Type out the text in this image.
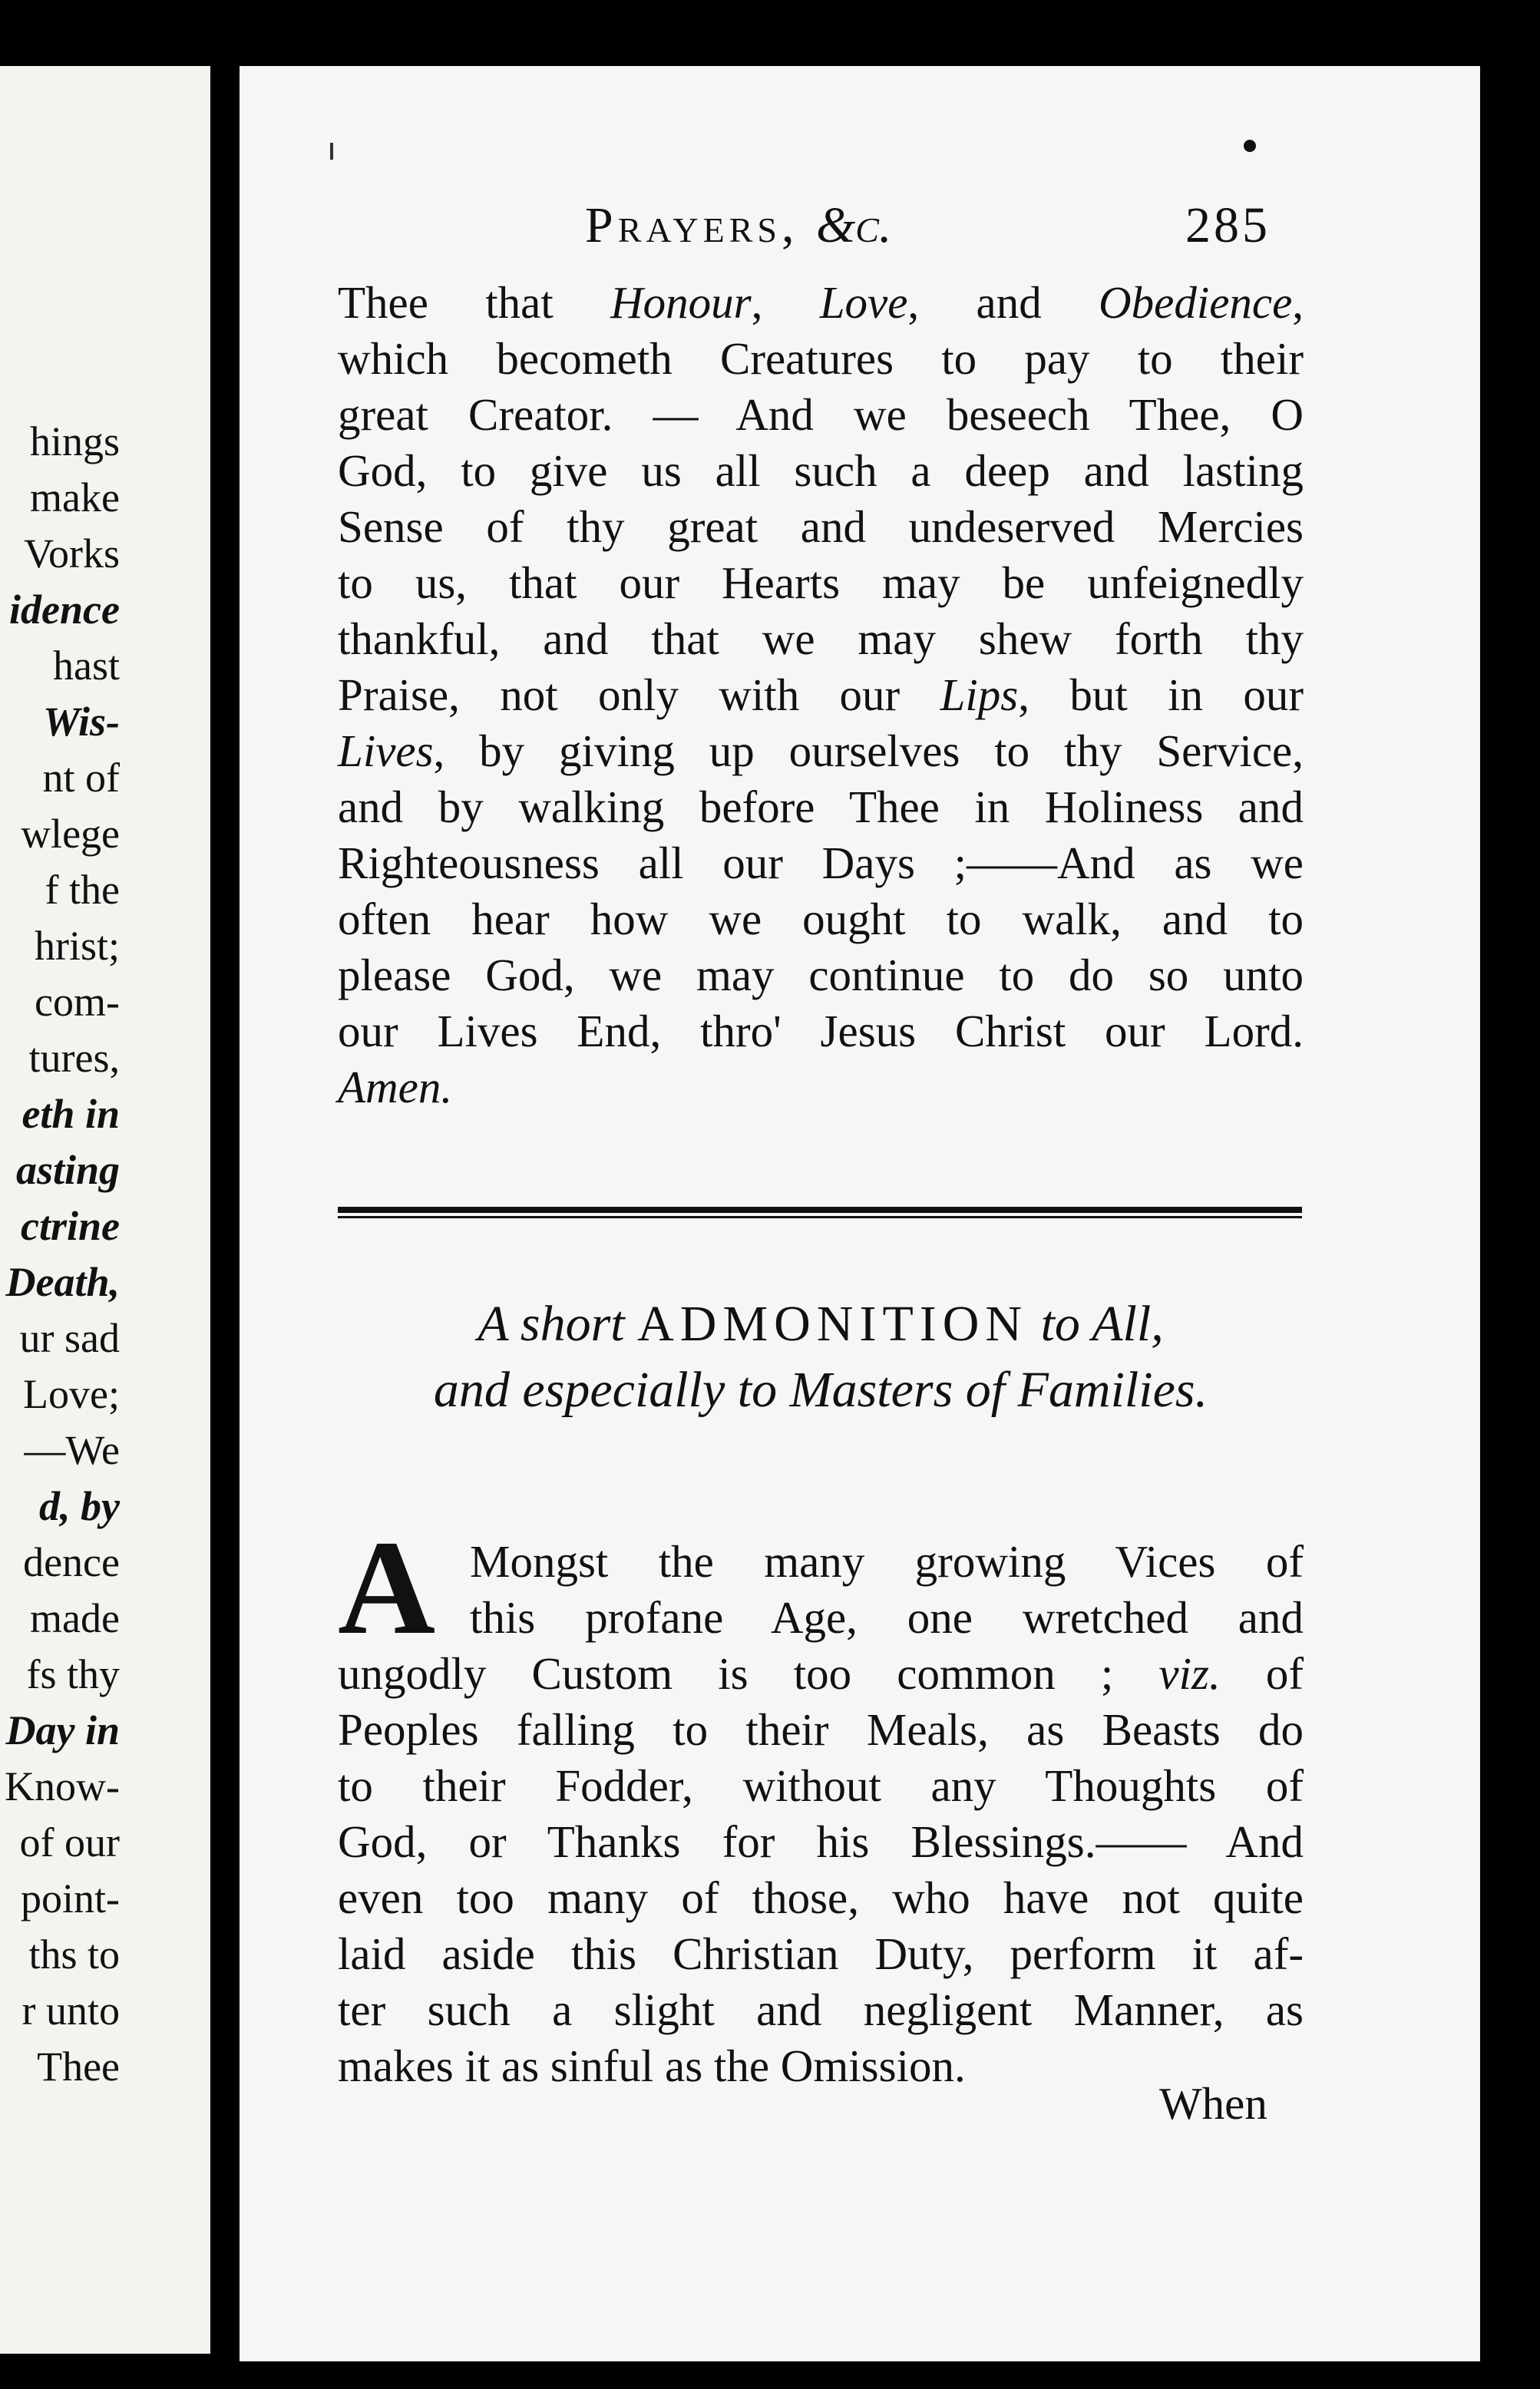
hings
make
Vorks
idence
hast
Wis-
nt of
wlege
f the
hrist;
com-
tures,
eth in
asting
ctrine
Death,
ur sad
Love;
—We
d, by
dence
made
fs thy
Day in
Know-
of our
point-
ths to
r unto
Thee
Prayers, &c.	285
Thee that Honour, Love, and Obedience,
which becometh Creatures to pay to their
great Creator. — And we beseech Thee, O
God, to give us all such a deep and lasting
Sense of thy great and undeserved Mercies
to us, that our Hearts may be unfeignedly
thankful, and that we may shew forth thy
Praise, not only with our Lips, but in our
Lives, by giving up ourselves to thy Service,
and by walking before Thee in Holiness and
Righteousness all our Days ;——And as we
often hear how we ought to walk, and to
please God, we may continue to do so unto
our Lives End, thro' Jesus Christ our Lord.
Amen.
A short ADMONITION to All,
and especially to Masters of Families.
A Mongst the many growing Vices of
this profane Age, one wretched and
ungodly Custom is too common ; viz. of
Peoples falling to their Meals, as Beasts do
to their Fodder, without any Thoughts of
God, or Thanks for his Blessings.—— And
even too many of those, who have not quite
laid aside this Christian Duty, perform it af-
ter such a slight and negligent Manner, as
makes it as sinful as the Omission.
When
